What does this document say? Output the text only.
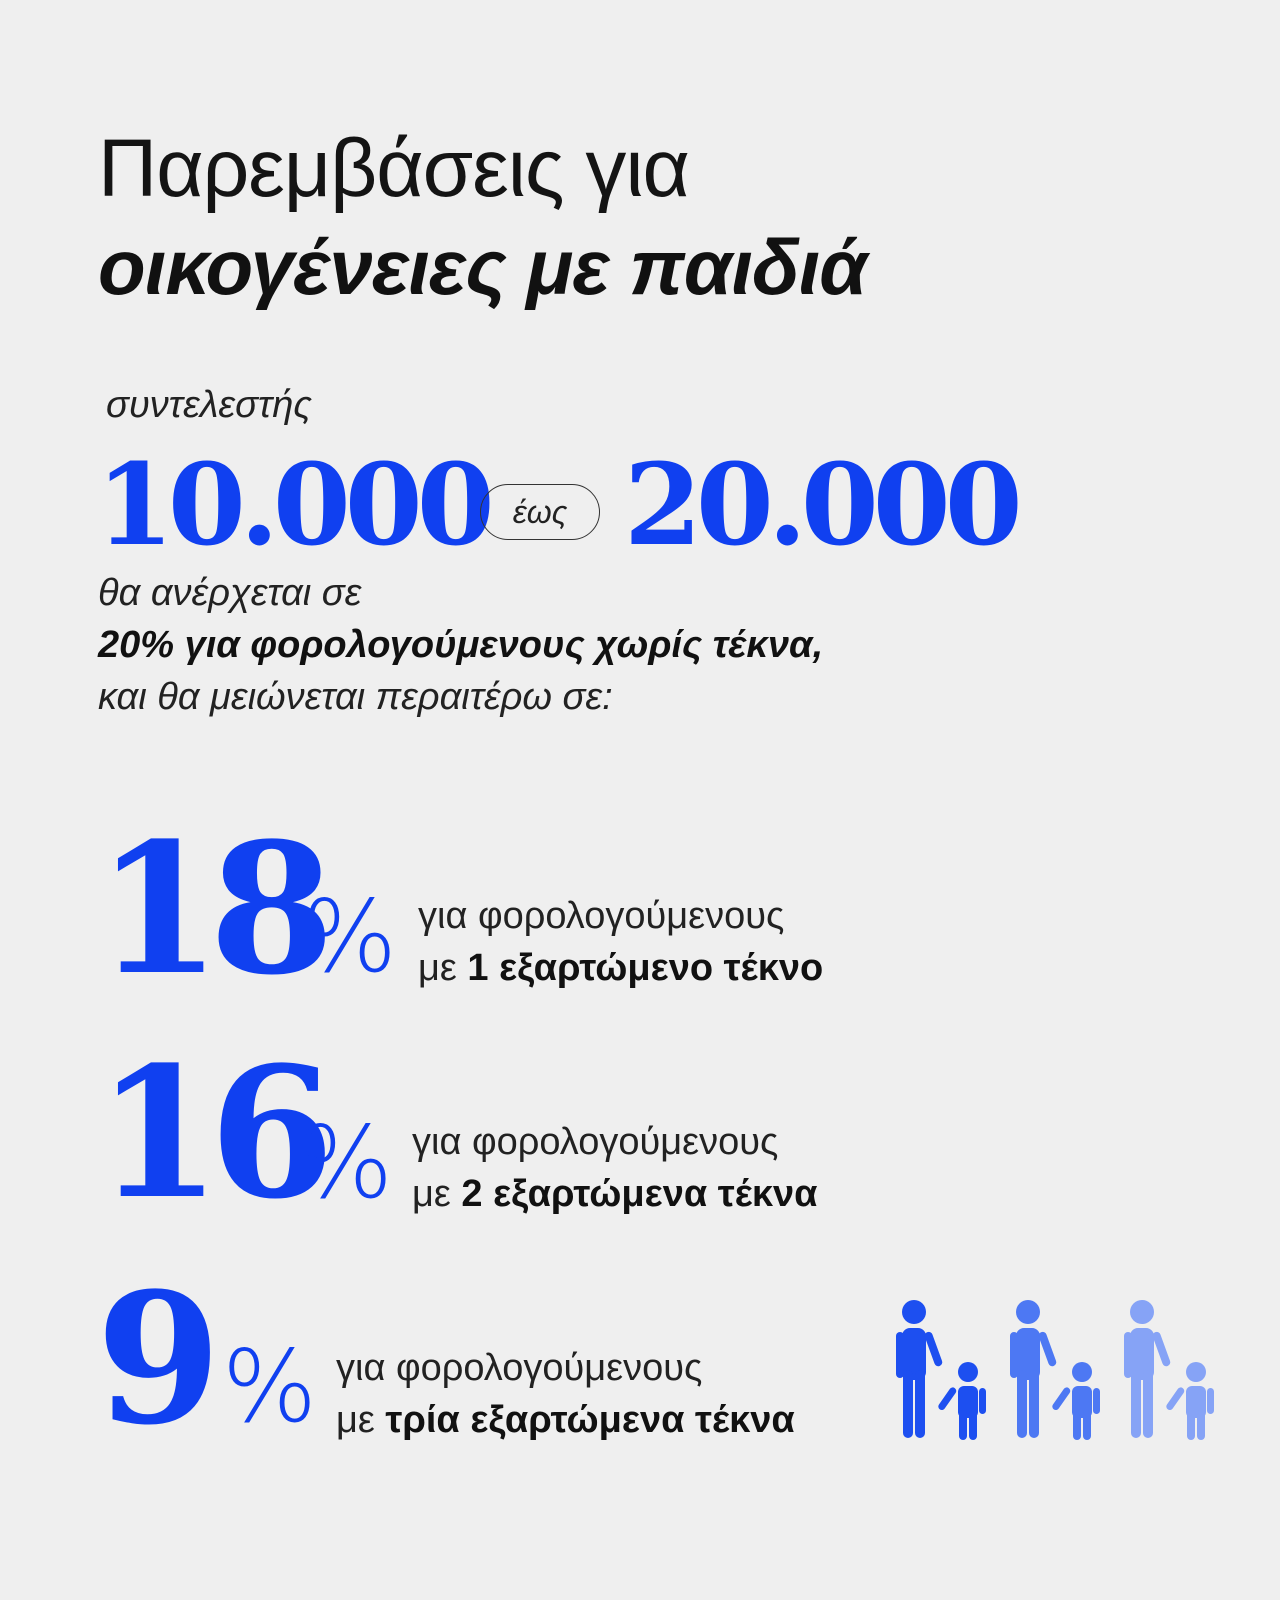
Παρεμβάσεις για
οικογένειες με παιδιά
συντελεστής
10.000 έως 20.000
θα ανέρχεται σε
20% για φορολογούμενους χωρίς τέκνα,
και θα μειώνεται περαιτέρω σε:
18
% για φορολογούμενους
με 1 εξαρτώμενο τέκνο
16
% για φορολογούμενους
με 2 εξαρτώμενα τέκνα
9 % για φορολογούμενους
με τρία εξαρτώμενα τέκνα
